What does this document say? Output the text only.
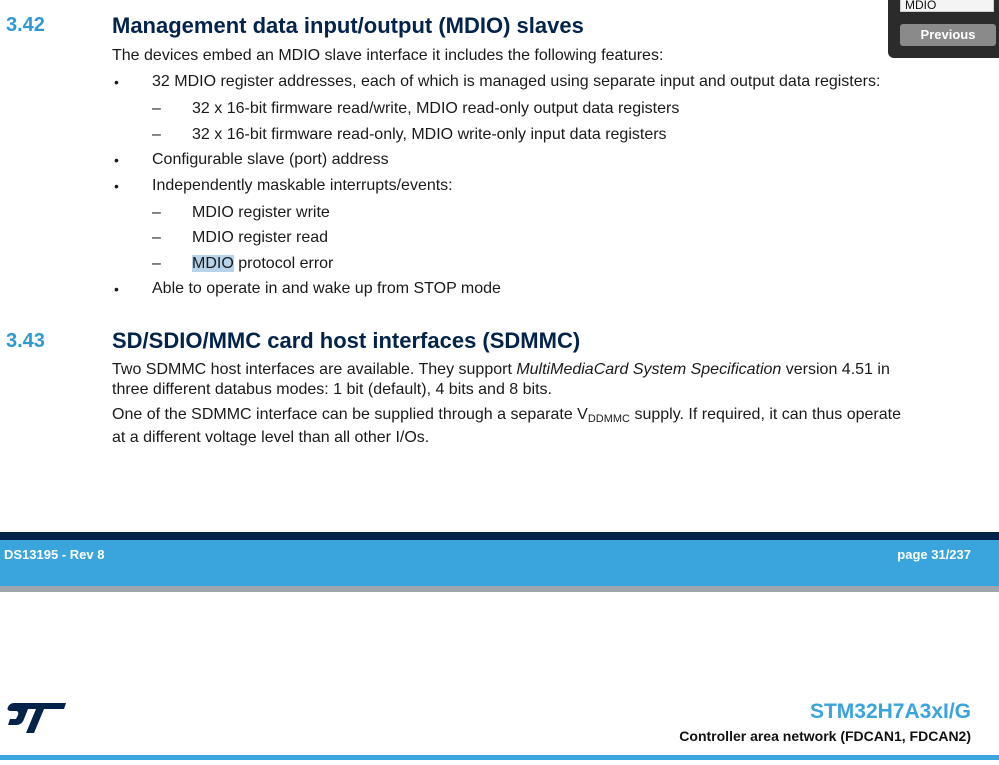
MDIO
Previous
3.42	Management data input/output (MDIO) slaves
The devices embed an MDIO slave interface it includes the following features:
• 32 MDIO register addresses, each of which is managed using separate input and output data registers:
– 32 x 16-bit firmware read/write, MDIO read-only output data registers
– 32 x 16-bit firmware read-only, MDIO write-only input data registers
• Configurable slave (port) address
• Independently maskable interrupts/events:
– MDIO register write
– MDIO register read
– MDIO protocol error
• Able to operate in and wake up from STOP mode
3.43	SD/SDIO/MMC card host interfaces (SDMMC)
Two SDMMC host interfaces are available. They support MultiMediaCard System Specification version 4.51 in
three different databus modes: 1 bit (default), 4 bits and 8 bits.
One of the SDMMC interface can be supplied through a separate $V_{DDMMC}$ supply. If required, it can thus operate
at a different voltage level than all other I/Os.
DS13195 - Rev 8	page 31/237
STM32H7A3xI/G
Controller area network (FDCAN1, FDCAN2)
